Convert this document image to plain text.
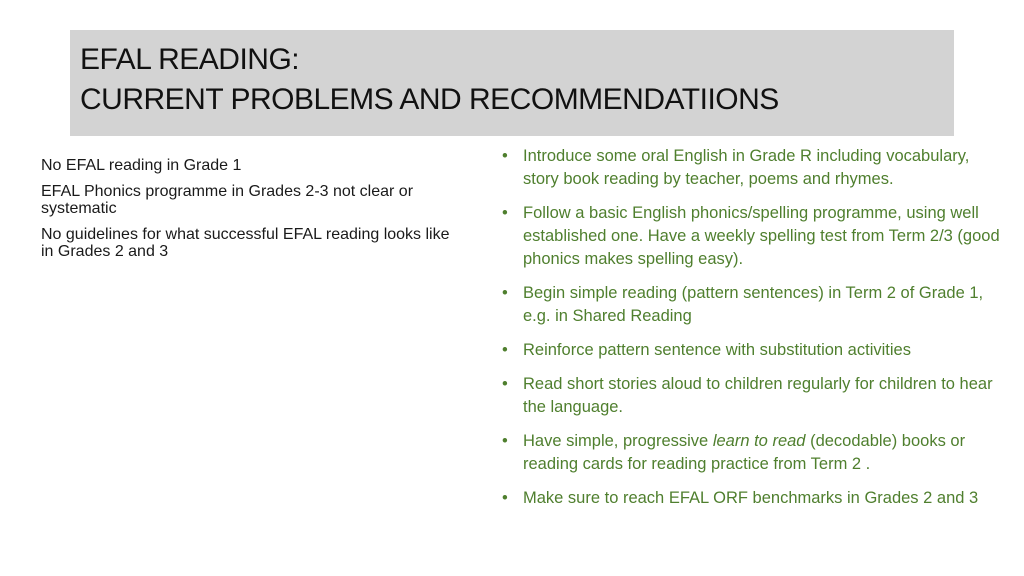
EFAL READING:
CURRENT PROBLEMS AND RECOMMENDATIIONS
No EFAL reading in Grade 1
EFAL Phonics programme in Grades 2-3 not clear or systematic
No guidelines for what successful EFAL reading looks like in Grades 2 and 3
• Introduce some oral English in Grade R including vocabulary, story book reading by teacher, poems and rhymes.
• Follow a basic English phonics/spelling programme, using well established one. Have a weekly spelling test from Term 2/3 (good phonics makes spelling easy).
• Begin simple reading (pattern sentences) in Term 2 of Grade 1, e.g. in Shared Reading
• Reinforce pattern sentence with substitution activities
• Read short stories aloud to children regularly for children to hear the language.
• Have simple, progressive learn to read (decodable) books or reading cards for reading practice from Term 2 .
• Make sure to reach EFAL ORF benchmarks in Grades 2 and 3
